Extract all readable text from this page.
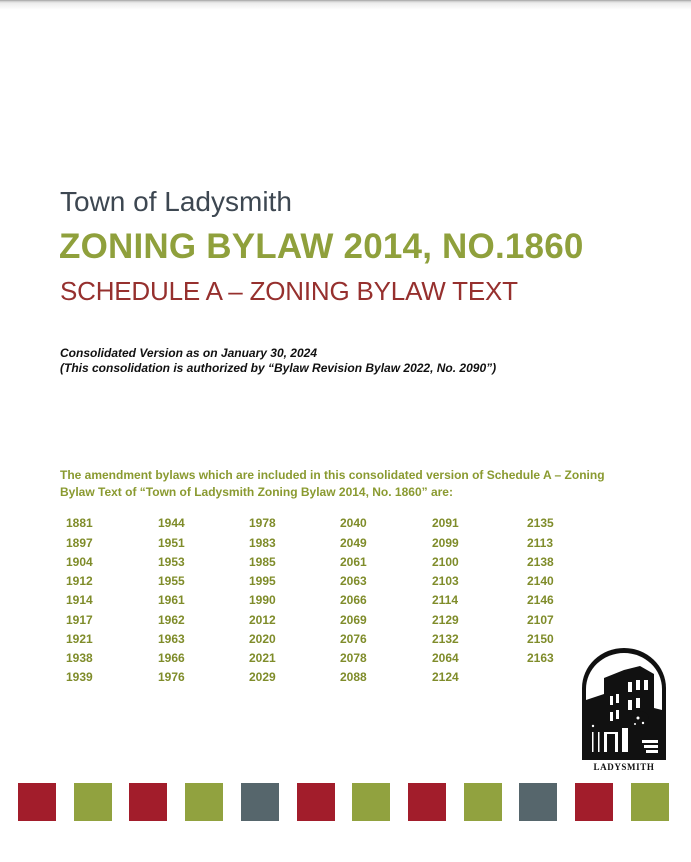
Town of Ladysmith
ZONING BYLAW 2014, NO.1860
SCHEDULE A – ZONING BYLAW TEXT
Consolidated Version as on January 30, 2024
(This consolidation is authorized by “Bylaw Revision Bylaw 2022, No. 2090”)
The amendment bylaws which are included in this consolidated version of Schedule A – Zoning
Bylaw Text of “Town of Ladysmith Zoning Bylaw 2014, No. 1860” are:
1881
1897
1904
1912
1914
1917
1921
1938
1939
1944
1951
1953
1955
1961
1962
1963
1966
1976
1978
1983
1985
1995
1990
2012
2020
2021
2029
2040
2049
2061
2063
2066
2069
2076
2078
2088
2091
2099
2100
2103
2114
2129
2132
2064
2124
2135
2113
2138
2140
2146
2107
2150
2163
LADYSMITH
